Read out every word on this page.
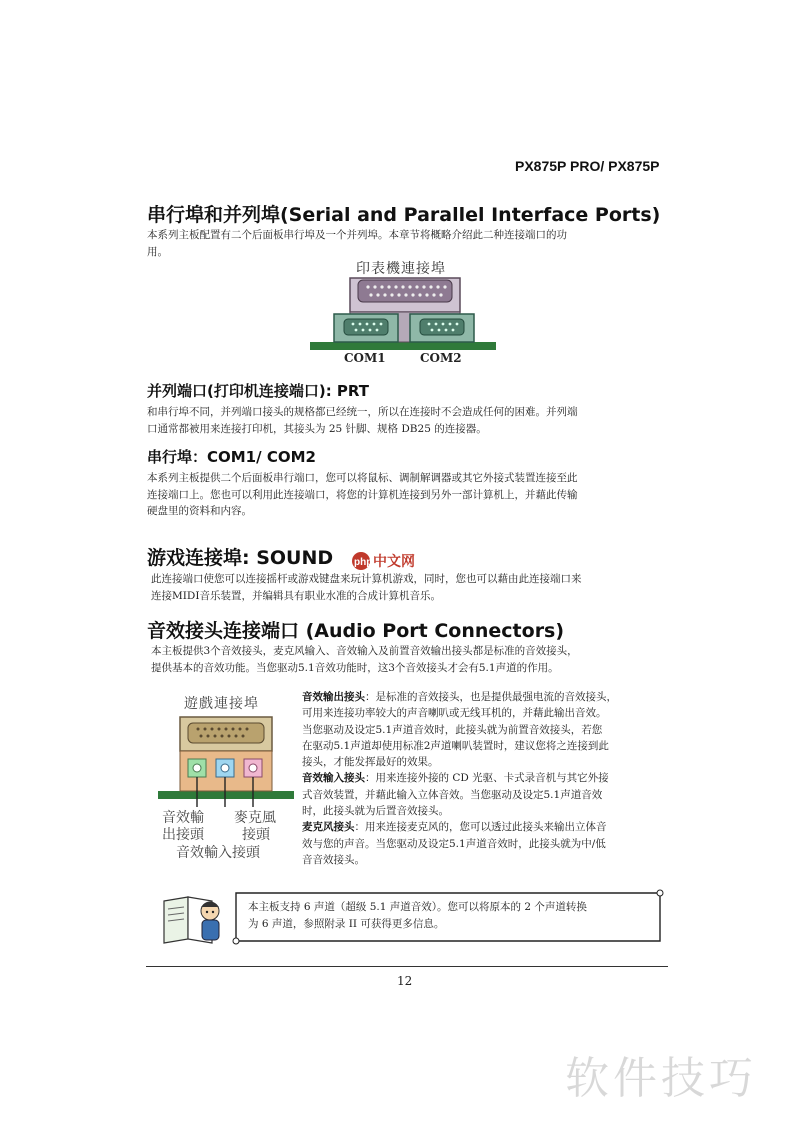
PX875P PRO/ PX875P
串行埠和并列埠(Serial and Parallel Interface Ports)
本系列主板配置有二个后面板串行埠及一个并列埠。本章节将概略介绍此二种连接端口的功
用。
印表機連接埠
COM1	COM2
并列端口(打印机连接端口): PRT
和串行埠不同，并列端口接头的规格都已经统一，所以在连接时不会造成任何的困难。并列端
口通常都被用来连接打印机，其接头为 25 针脚、规格 DB25 的连接器。
串行埠：COM1/ COM2
本系列主板提供二个后面板串行端口，您可以将鼠标、调制解调器或其它外接式装置连接至此
连接端口上。您也可以利用此连接端口，将您的计算机连接到另外一部计算机上，并藉此传输
硬盘里的资料和内容。
游戏连接埠: SOUND php 中文网
此连接端口使您可以连接摇杆或游戏键盘来玩计算机游戏，同时，您也可以藉由此连接端口来
连接MIDI音乐装置，并编辑具有职业水准的合成计算机音乐。
音效接头连接端口 (Audio Port Connectors)
本主板提供3个音效接头，麦克风输入、音效输入及前置音效输出接头都是标准的音效接头，
提供基本的音效功能。当您驱动5.1音效功能时，这3个音效接头才会有5.1声道的作用。
遊戲連接埠
音效輸
出接頭
麥克風
接頭
音效輸入接頭
音效输出接头：是标准的音效接头，也是提供最强电流的音效接头，
可用来连接功率较大的声音喇叭或无线耳机的，并藉此输出音效。
当您驱动及设定5.1声道音效时，此接头就为前置音效接头，若您
在驱动5.1声道却使用标准2声道喇叭装置时，建议您将之连接到此
接头，才能发挥最好的效果。
音效输入接头：用来连接外接的 CD 光驱、卡式录音机与其它外接
式音效装置，并藉此输入立体音效。当您驱动及设定5.1声道音效
时，此接头就为后置音效接头。
麦克风接头：用来连接麦克风的，您可以透过此接头来输出立体音
效与您的声音。当您驱动及设定5.1声道音效时，此接头就为中/低
音音效接头。
本主板支持 6 声道（超级 5.1 声道音效）。您可以将原本的 2 个声道转换
为 6 声道，参照附录 II 可获得更多信息。
12
软件技巧
